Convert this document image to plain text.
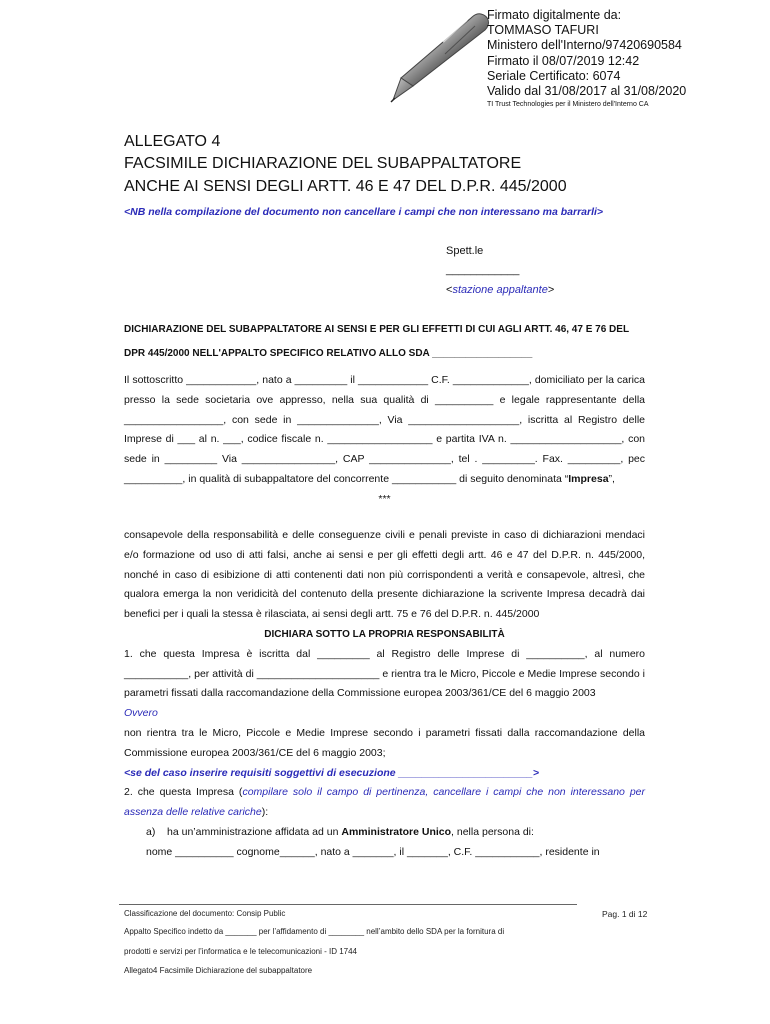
Firmato digitalmente da:
TOMMASO TAFURI
Ministero dell'Interno/97420690584
Firmato il 08/07/2019 12:42
Seriale Certificato: 6074
Valido dal 31/08/2017 al 31/08/2020
TI Trust Technologies per il Ministero dell'Interno CA
ALLEGATO 4
FACSIMILE DICHIARAZIONE DEL SUBAPPALTATORE
ANCHE AI SENSI DEGLI ARTT. 46 E 47 DEL D.P.R. 445/2000
<NB nella compilazione del documento non cancellare i campi che non interessano ma barrarli>
Spett.le
____________
<stazione appaltante>
DICHIARAZIONE DEL SUBAPPALTATORE AI SENSI E PER GLI EFFETTI DI CUI AGLI ARTT. 46, 47 E 76 DEL
DPR 445/2000 NELL'APPALTO SPECIFICO RELATIVO ALLO SDA __________________

Il sottoscritto ____________, nato a _________ il ____________ C.F. _____________, domiciliato per la carica presso la sede societaria ove appresso, nella sua qualità di __________ e legale rappresentante della _________________, con sede in ______________, Via ___________________, iscritta al Registro delle Imprese di ___ al n. ___, codice fiscale n. __________________ e partita IVA n. ___________________, con sede in _________ Via ________________, CAP ______________, tel . _________. Fax. _________, pec __________, in qualità di subappaltatore del concorrente ___________ di seguito denominata “Impresa”,

***

consapevole della responsabilità e delle conseguenze civili e penali previste in caso di dichiarazioni mendaci e/o formazione od uso di atti falsi, anche ai sensi e per gli effetti degli artt. 46 e 47 del D.P.R. n. 445/2000, nonché in caso di esibizione di atti contenenti dati non più corrispondenti a verità e consapevole, altresì, che qualora emerga la non veridicità del contenuto della presente dichiarazione la scrivente Impresa decadrà dai benefici per i quali la stessa è rilasciata, ai sensi degli artt. 75 e 76 del D.P.R. n. 445/2000

DICHIARA SOTTO LA PROPRIA RESPONSABILITÀ

1. che questa Impresa è iscritta dal _________ al Registro delle Imprese di __________, al numero ___________, per attività di _____________________ e rientra tra le Micro, Piccole e Medie Imprese secondo i parametri fissati dalla raccomandazione della Commissione europea 2003/361/CE del 6 maggio 2003

Ovvero

non rientra tra le Micro, Piccole e Medie Imprese secondo i parametri fissati dalla raccomandazione della Commissione europea 2003/361/CE del 6 maggio 2003;

<se del caso inserire requisiti soggettivi di esecuzione _______________________>

2. che questa Impresa (compilare solo il campo di pertinenza, cancellare i campi che non interessano per assenza delle relative cariche):

a) ha un’amministrazione affidata ad un Amministratore Unico, nella persona di:

nome __________ cognome______, nato a _______, il _______, C.F. ___________, residente in

Classificazione del documento: Consip Public	Pag. 1 di 12
Appalto Specifico indetto da _______ per l’affidamento di ________ nell’ambito dello SDA per la fornitura di
prodotti e servizi per l’informatica e le telecomunicazioni - ID 1744
Allegato4 Facsimile Dichiarazione del subappaltatore
